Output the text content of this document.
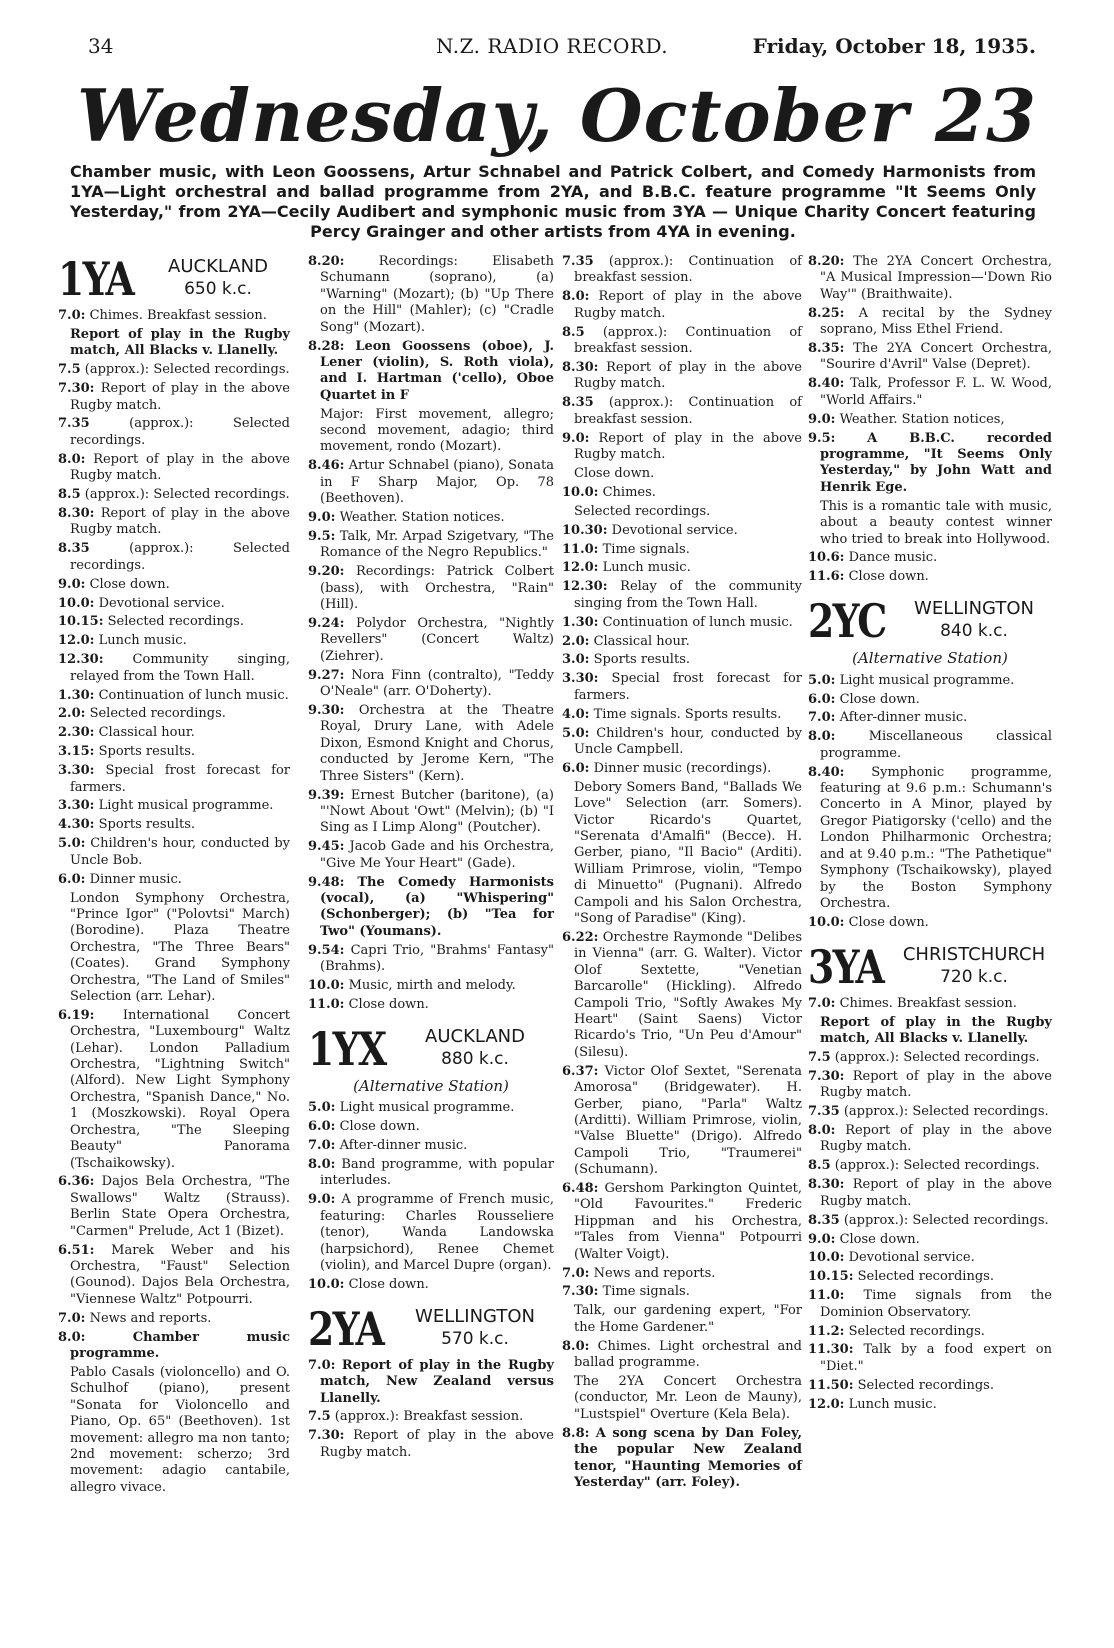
34	N.Z. RADIO RECORD.	Friday, October 18, 1935.
Wednesday, October 23
Chamber music, with Leon Goossens, Artur Schnabel and Patrick Colbert, and Comedy Harmonists from 1YA—Light orchestral and ballad programme from 2YA, and B.B.C. feature programme "It Seems Only Yesterday," from 2YA—Cecily Audibert and symphonic music from 3YA — Unique Charity Concert featuring Percy Grainger and other artists from 4YA in evening.
1YA	AUCKLAND
650 k.c.

7.0: Chimes. Breakfast session.

Report of play in the Rugby match, All Blacks v. Llanelly.

7.5 (approx.): Selected recordings.

7.30: Report of play in the above Rugby match.

7.35	(approx.): Selected recordings.

8.0: Report of play in the above Rugby match.

8.5 (approx.): Selected recordings.

8.30: Report of play in the above Rugby match.

8.35	(approx.): Selected recordings.

9.0: Close down.

10.0: Devotional service.

10.15: Selected recordings.

12.0: Lunch music.

12.30: Community singing, relayed from the Town Hall.

1.30: Continuation of lunch music.

2.0: Selected recordings.

2.30: Classical hour.

3.15: Sports results.

3.30: Special frost forecast for farmers.

3.30: Light musical programme.

4.30: Sports results.

5.0: Children's hour, conducted by Uncle Bob.

6.0: Dinner music.

London Symphony Orchestra, "Prince Igor" ("Polovtsi" March) (Borodine). Plaza Theatre Orchestra, "The Three Bears" (Coates). Grand Symphony Orchestra, "The Land of Smiles" Selection (arr. Lehar).

6.19: International Concert Orchestra, "Luxembourg" Waltz (Lehar). London Palladium Orchestra, "Lightning Switch" (Alford). New Light Symphony Orchestra, "Spanish Dance," No. 1 (Moszkowski). Royal Opera Orchestra, "The Sleeping Beauty" Panorama (Tschaikowsky).

6.36: Dajos Bela Orchestra, "The Swallows" Waltz (Strauss). Berlin State Opera Orchestra, "Carmen" Prelude, Act 1 (Bizet).

6.51: Marek Weber and his Orchestra, "Faust" Selection (Gounod). Dajos Bela Orchestra, "Viennese Waltz" Potpourri.

7.0: News and reports.

8.0:	Chamber music programme.

Pablo Casals (violoncello) and O. Schulhof (piano), present "Sonata for Violoncello and Piano, Op. 65" (Beethoven). 1st movement: allegro ma non tanto; 2nd movement: scherzo; 3rd movement: adagio cantabile, allegro vivace.

8.20:	Recordings: Elisabeth Schumann (soprano), (a) "Warning" (Mozart); (b) "Up There on the Hill" (Mahler); (c) "Cradle Song" (Mozart).

8.28: Leon Goossens (oboe), J. Lener (violin), S. Roth viola), and I. Hartman ('cello), Oboe Quartet in F

Major: First movement, allegro; second movement, adagio; third movement, rondo (Mozart).

8.46: Artur Schnabel (piano), Sonata in F Sharp Major, Op. 78 (Beethoven).

9.0: Weather. Station notices.

9.5: Talk, Mr. Arpad Szigetvary, "The Romance of the Negro Republics."

9.20: Recordings: Patrick Colbert (bass), with Orchestra, "Rain" (Hill).

9.24: Polydor Orchestra, "Nightly Revellers" (Concert Waltz) (Ziehrer).

9.27: Nora Finn (contralto), "Teddy O'Neale" (arr. O'Doherty).

9.30: Orchestra at the Theatre Royal, Drury Lane, with Adele Dixon, Esmond Knight and Chorus, conducted by Jerome Kern, "The Three Sisters" (Kern).

9.39: Ernest Butcher (baritone), (a) "'Nowt About 'Owt" (Melvin); (b) "I Sing as I Limp Along" (Poutcher).

9.45: Jacob Gade and his Orchestra, "Give Me Your Heart" (Gade).

9.48: The Comedy Harmonists (vocal), (a) "Whispering" (Schonberger); (b) "Tea for Two" (Youmans).

9.54: Capri Trio, "Brahms' Fantasy" (Brahms).

10.0: Music, mirth and melody.

11.0: Close down.

1YX	AUCKLAND
880 k.c.
(Alternative Station)

5.0: Light musical programme.

6.0: Close down.

7.0: After-dinner music.

8.0: Band programme, with popular interludes.

9.0: A programme of French music, featuring: Charles Rousseliere (tenor), Wanda Landowska (harpsichord), Renee Chemet (violin), and Marcel Dupre (organ).

10.0: Close down.

2YA	WELLINGTON
570 k.c.

7.0: Report of play in the Rugby match, New Zealand versus Llanelly.

7.5 (approx.): Breakfast session.

7.30: Report of play in the above Rugby match.

7.35 (approx.): Continuation of breakfast session.

8.0: Report of play in the above Rugby match.

8.5 (approx.): Continuation of breakfast session.

8.30: Report of play in the above Rugby match.

8.35 (approx.): Continuation of breakfast session.

9.0: Report of play in the above Rugby match.

Close down.

10.0: Chimes.

Selected recordings.

10.30: Devotional service.

11.0: Time signals.

12.0: Lunch music.

12.30: Relay of the community singing from the Town Hall.

1.30: Continuation of lunch music.

2.0: Classical hour.

3.0: Sports results.

3.30: Special frost forecast for farmers.

4.0: Time signals. Sports results.

5.0: Children's hour, conducted by Uncle Campbell.

6.0: Dinner music (recordings).

Debory Somers Band, "Ballads We Love" Selection (arr. Somers). Victor Ricardo's Quartet, "Serenata d'Amalfi" (Becce). H. Gerber, piano, "Il Bacio" (Arditi). William Primrose, violin, "Tempo di Minuetto" (Pugnani). Alfredo Campoli and his Salon Orchestra, "Song of Paradise" (King).

6.22: Orchestre Raymonde "Delibes in Vienna" (arr. G. Walter). Victor Olof Sextette, "Venetian Barcarolle" (Hickling). Alfredo Campoli Trio, "Softly Awakes My Heart" (Saint Saens) Victor Ricardo's Trio, "Un Peu d'Amour" (Silesu).

6.37: Victor Olof Sextet, "Serenata Amorosa" (Bridgewater). H. Gerber, piano, "Parla" Waltz (Arditti). William Primrose, violin, "Valse Bluette" (Drigo). Alfredo Campoli Trio, "Traumerei" (Schumann).

6.48: Gershom Parkington Quintet, "Old Favourites." Frederic Hippman and his Orchestra, "Tales from Vienna" Potpourri (Walter Voigt).

7.0: News and reports.

7.30: Time signals.

Talk, our gardening expert, "For the Home Gardener."

8.0: Chimes. Light orchestral and ballad programme.

The 2YA Concert Orchestra (conductor, Mr. Leon de Mauny), "Lustspiel" Overture (Kela Bela).

8.8: A song scena by Dan Foley, the popular New Zealand tenor, "Haunting Memories of Yesterday" (arr. Foley).

8.20: The 2YA Concert Orchestra, "A Musical Impression—'Down Rio Way'" (Braithwaite).

8.25: A recital by the Sydney soprano, Miss Ethel Friend.

8.35: The 2YA Concert Orchestra, "Sourire d'Avril" Valse (Depret).

8.40: Talk, Professor F. L. W. Wood, "World Affairs."

9.0: Weather. Station notices,

9.5: A B.B.C. recorded programme, "It Seems Only Yesterday," by John Watt and Henrik Ege.

This is a romantic tale with music, about a beauty contest winner who tried to break into Hollywood.

10.6: Dance music.

11.6: Close down.

2YC	WELLINGTON
840 k.c.
(Alternative Station)

5.0: Light musical programme.

6.0: Close down.

7.0: After-dinner music.

8.0:	Miscellaneous classical programme.

8.40: Symphonic programme, featuring at 9.6 p.m.: Schumann's Concerto in A Minor, played by Gregor Piatigorsky ('cello) and the London Philharmonic Orchestra; and at 9.40 p.m.: "The Pathetique" Symphony (Tschaikowsky), played by the Boston Symphony Orchestra.

10.0: Close down.

3YA	CHRISTCHURCH
720 k.c.

7.0: Chimes. Breakfast session.

Report of play in the Rugby match, All Blacks v. Llanelly.

7.5 (approx.): Selected recordings.

7.30: Report of play in the above Rugby match.

7.35 (approx.): Selected recordings.

8.0: Report of play in the above Rugby match.

8.5 (approx.): Selected recordings.

8.30: Report of play in the above Rugby match.

8.35 (approx.): Selected recordings.

9.0: Close down.

10.0: Devotional service.

10.15: Selected recordings.

11.0: Time signals from the Dominion Observatory.

11.2: Selected recordings.

11.30: Talk by a food expert on "Diet."

11.50: Selected recordings.

12.0: Lunch music.
